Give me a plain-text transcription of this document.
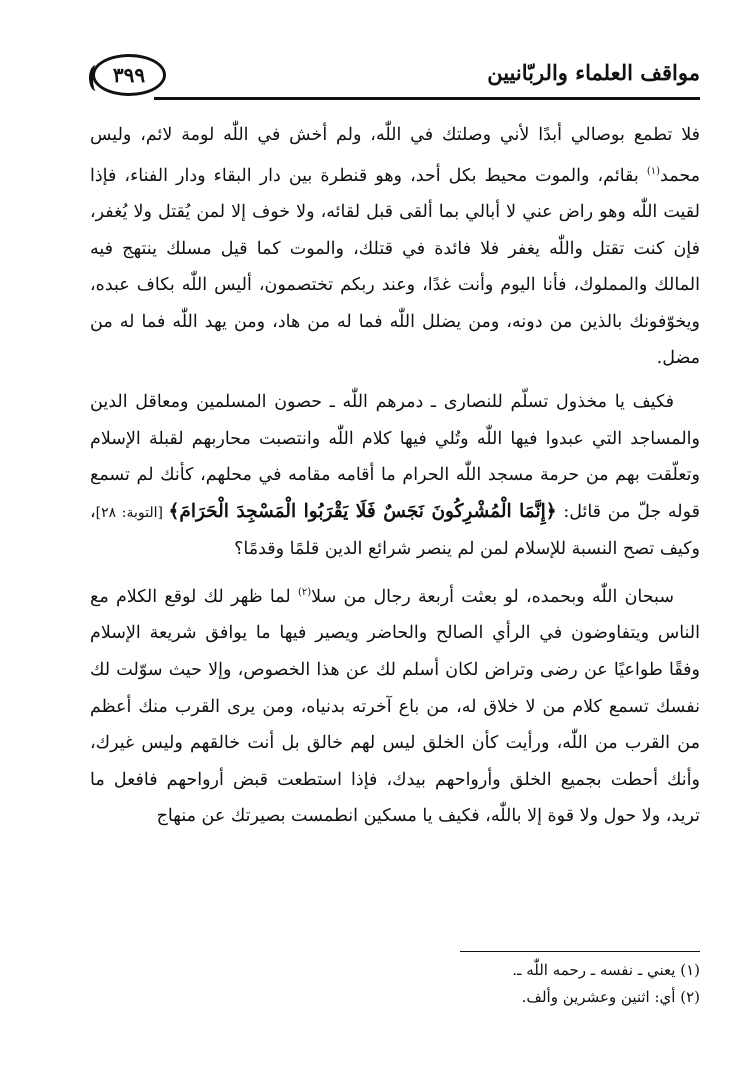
٣٩٩	مواقف العلماء والربّانيين

فلا تطمع بوصالي أبدًا لأني وصلتك في اللّٰه، ولم أخش في اللّٰه لومة لائم، وليس محمد$^{(١)}$ بقائم، والموت محيط بكل أحد، وهو قنطرة بين دار البقاء ودار الفناء، فإذا لقيت اللّٰه وهو راض عني لا أبالي بما ألقى قبل لقائه، ولا خوف إلا لمن يُقتل ولا يُغفر، فإن كنت تقتل واللّٰه يغفر فلا فائدة في قتلك، والموت كما قيل مسلك ينتهج فيه المالك والمملوك، فأنا اليوم وأنت غدًا، وعند ربكم تختصمون، أليس اللّٰه بكاف عبده، ويخوّفونك بالذين من دونه، ومن يضلل اللّٰه فما له من هاد، ومن يهد اللّٰه فما له من مضل.

فكيف يا مخذول تسلّم للنصارى ـ دمرهم اللّٰه ـ حصون المسلمين ومعاقل الدين والمساجد التي عبدوا فيها اللّٰه وتُلي فيها كلام اللّٰه وانتصبت محاربهم لقبلة الإسلام وتعلّقت بهم من حرمة مسجد اللّٰه الحرام ما أقامه مقامه في محلهم، كأنك لم تسمع قوله جلّ من قائل: ﴿إِنَّمَا الْمُشْرِكُونَ نَجَسٌ فَلَا يَقْرَبُوا الْمَسْجِدَ الْحَرَامَ﴾ [التوبة: ٢٨]، وكيف تصح النسبة للإسلام لمن لم ينصر شرائع الدين قلمًا وقدمًا؟

سبحان اللّٰه وبحمده، لو بعثت أربعة رجال من سلا$^{(٢)}$ لما ظهر لك لوقع الكلام مع الناس ويتفاوضون في الرأي الصالح والحاضر ويصير فيها ما يوافق شريعة الإسلام وفقًا طواعيًا عن رضى وتراض لكان أسلم لك عن هذا الخصوص، وإلا حيث سوّلت لك نفسك تسمع كلام من لا خلاق له، من باع آخرته بدنياه، ومن يرى القرب منك أعظم من القرب من اللّٰه، ورأيت كأن الخلق ليس لهم خالق بل أنت خالقهم وليس غيرك، وأنك أحطت بجميع الخلق وأرواحهم بيدك، فإذا استطعت قبض أرواحهم فافعل ما تريد، ولا حول ولا قوة إلا باللّٰه، فكيف يا مسكين انطمست بصيرتك عن منهاج

(١) يعني ـ نفسه ـ رحمه اللّٰه ـ.
(٢) أي: اثنين وعشرين وألف.
